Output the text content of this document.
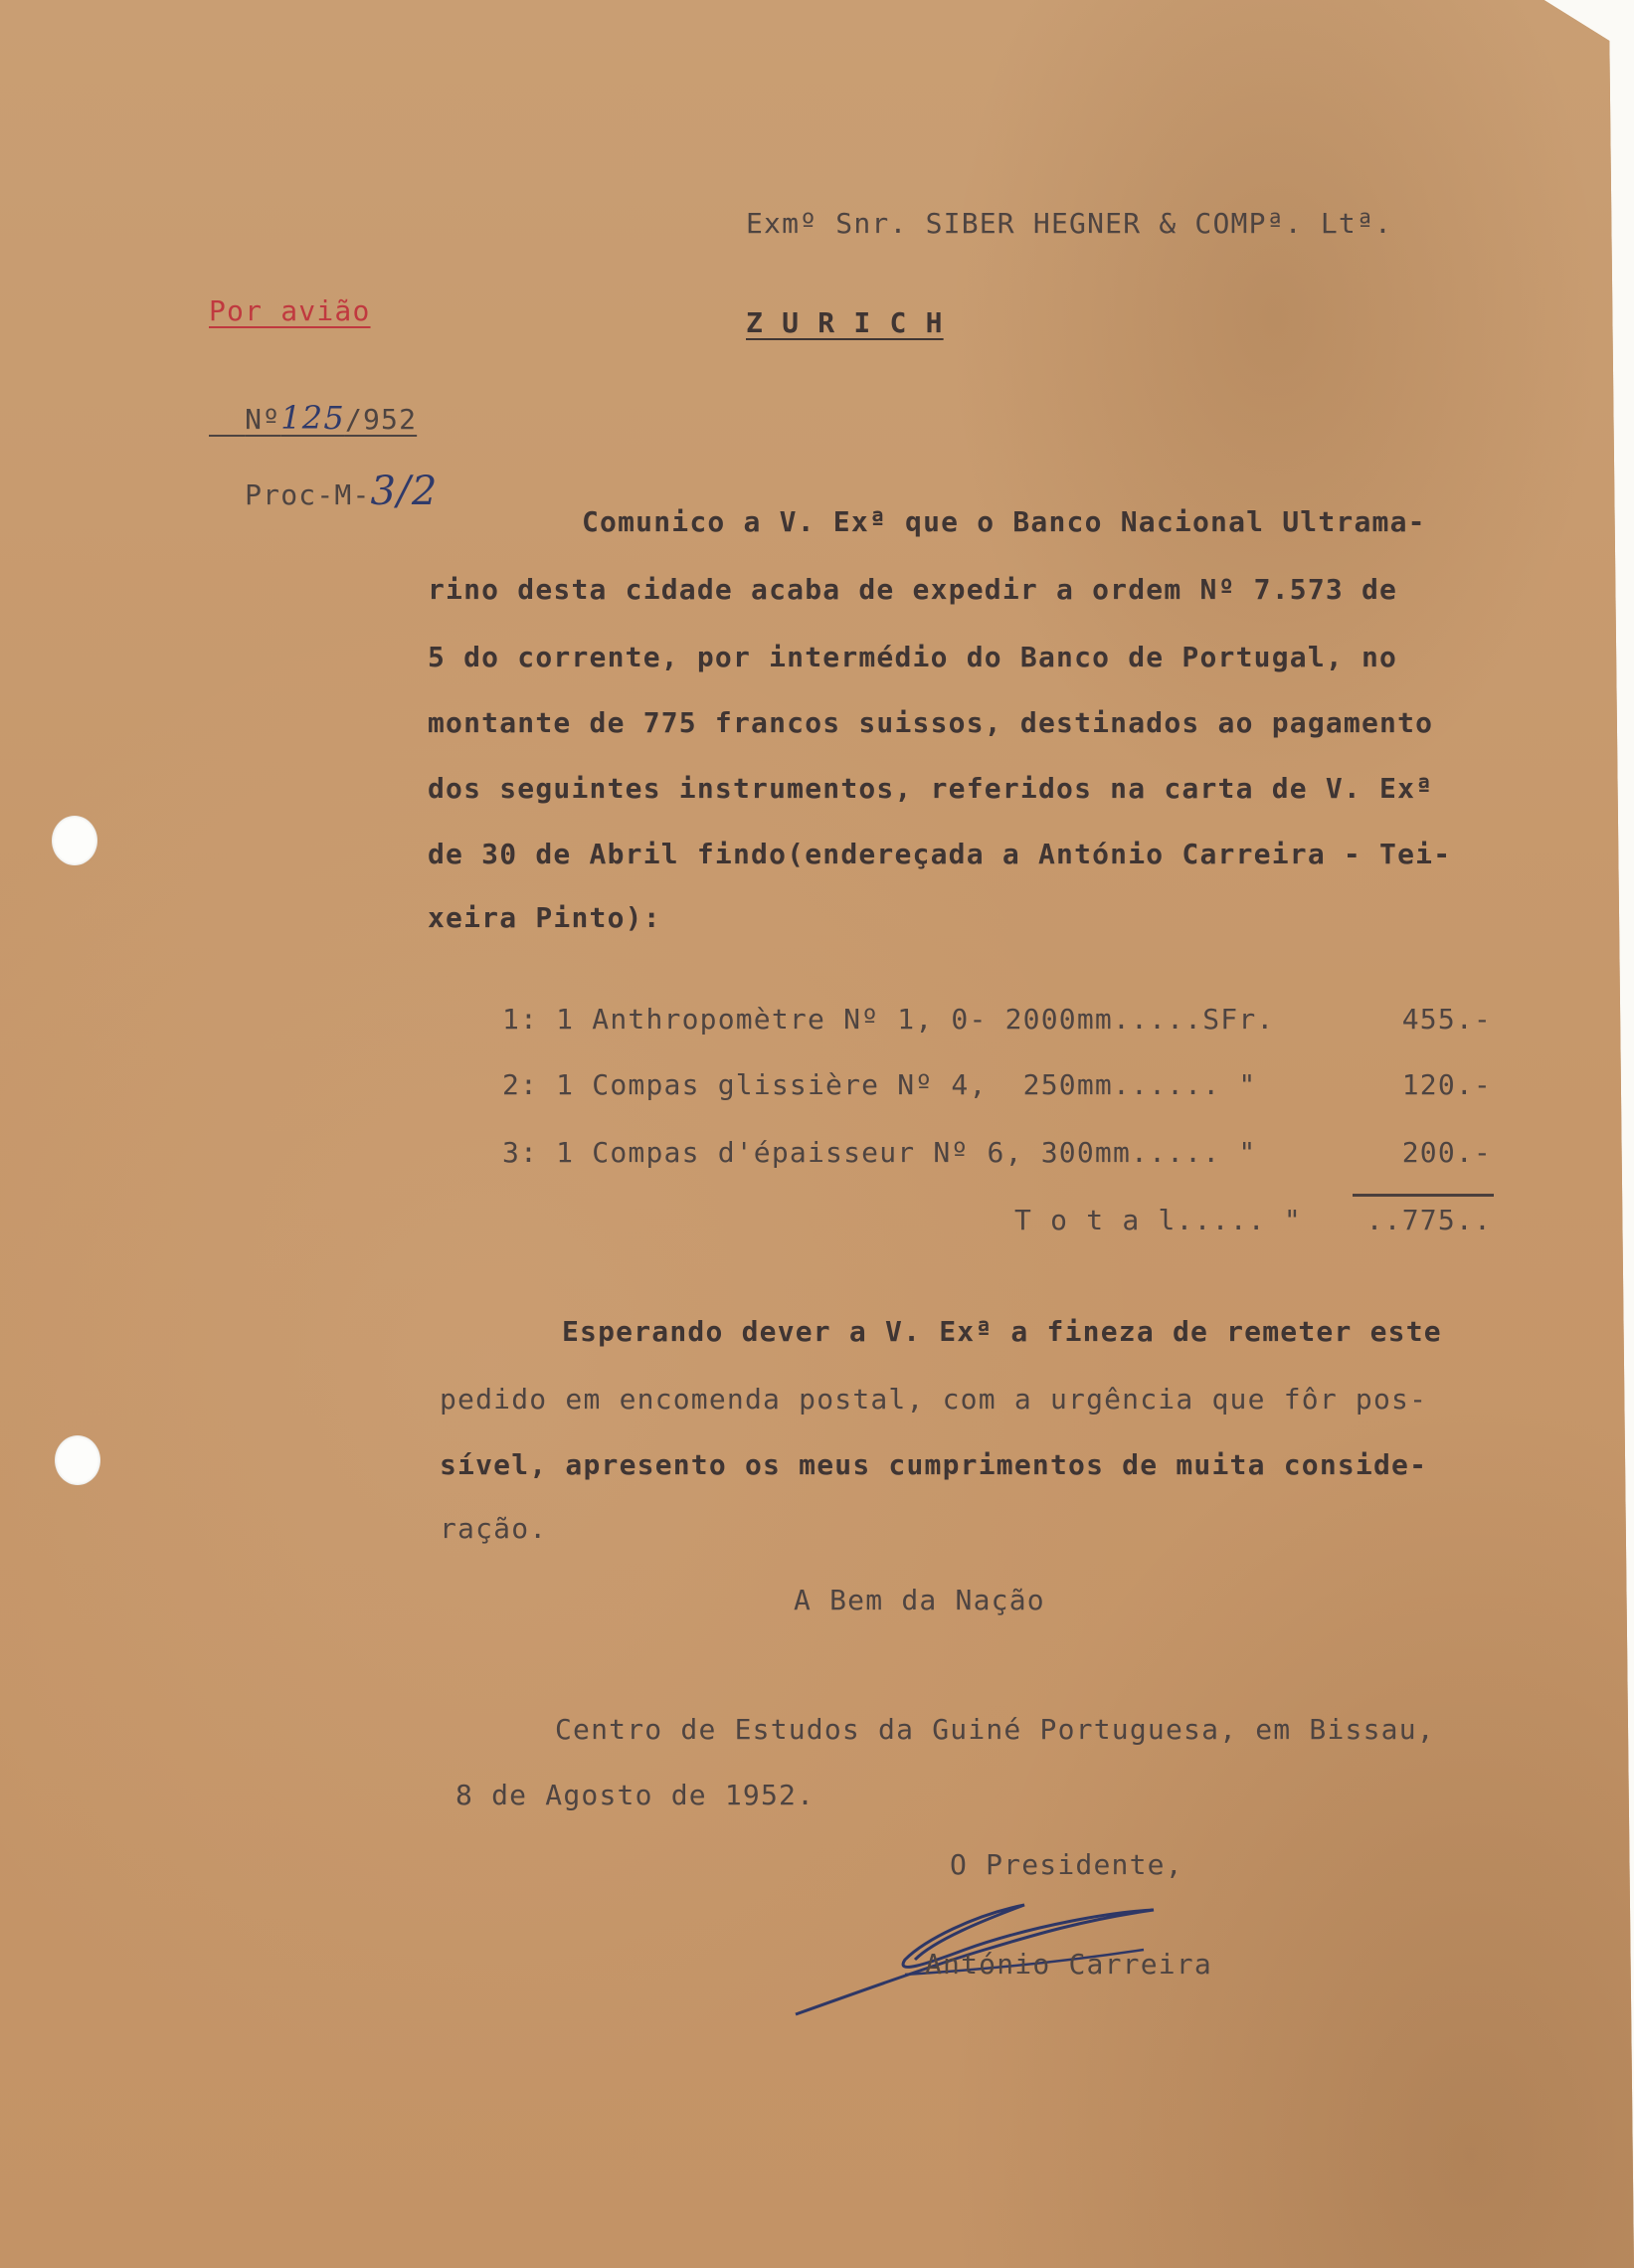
Exmº Snr. SIBER HEGNER & COMPª. Ltª.
Z U R I C H
Por avião

Nº125/952

Proc-M-3/2

Comunico a V. Exª que o Banco Nacional Ultrama-
rino desta cidade acaba de expedir a ordem Nº 7.573 de
5 do corrente, por intermédio do Banco de Portugal, no
montante de 775 francos suissos, destinados ao pagamento
dos seguintes instrumentos, referidos na carta de V. Exª
de 30 de Abril findo(endereçada a António Carreira - Tei-
xeira Pinto):
1: 1 Anthropomètre Nº 1, 0- 2000mm.....SFr.	455.-
2: 1 Compas glissière Nº 4,  250mm...... "	120.-
3: 1 Compas d'épaisseur Nº 6, 300mm..... "	200.-
T o t a l..... " ..775..
Esperando dever a V. Exª a fineza de remeter este
pedido em encomenda postal, com a urgência que fôr pos-
sível, apresento os meus cumprimentos de muita conside-
ração.
A Bem da Nação
Centro de Estudos da Guiné Portuguesa, em Bissau,
8 de Agosto de 1952.
O Presidente,
António Carreira
